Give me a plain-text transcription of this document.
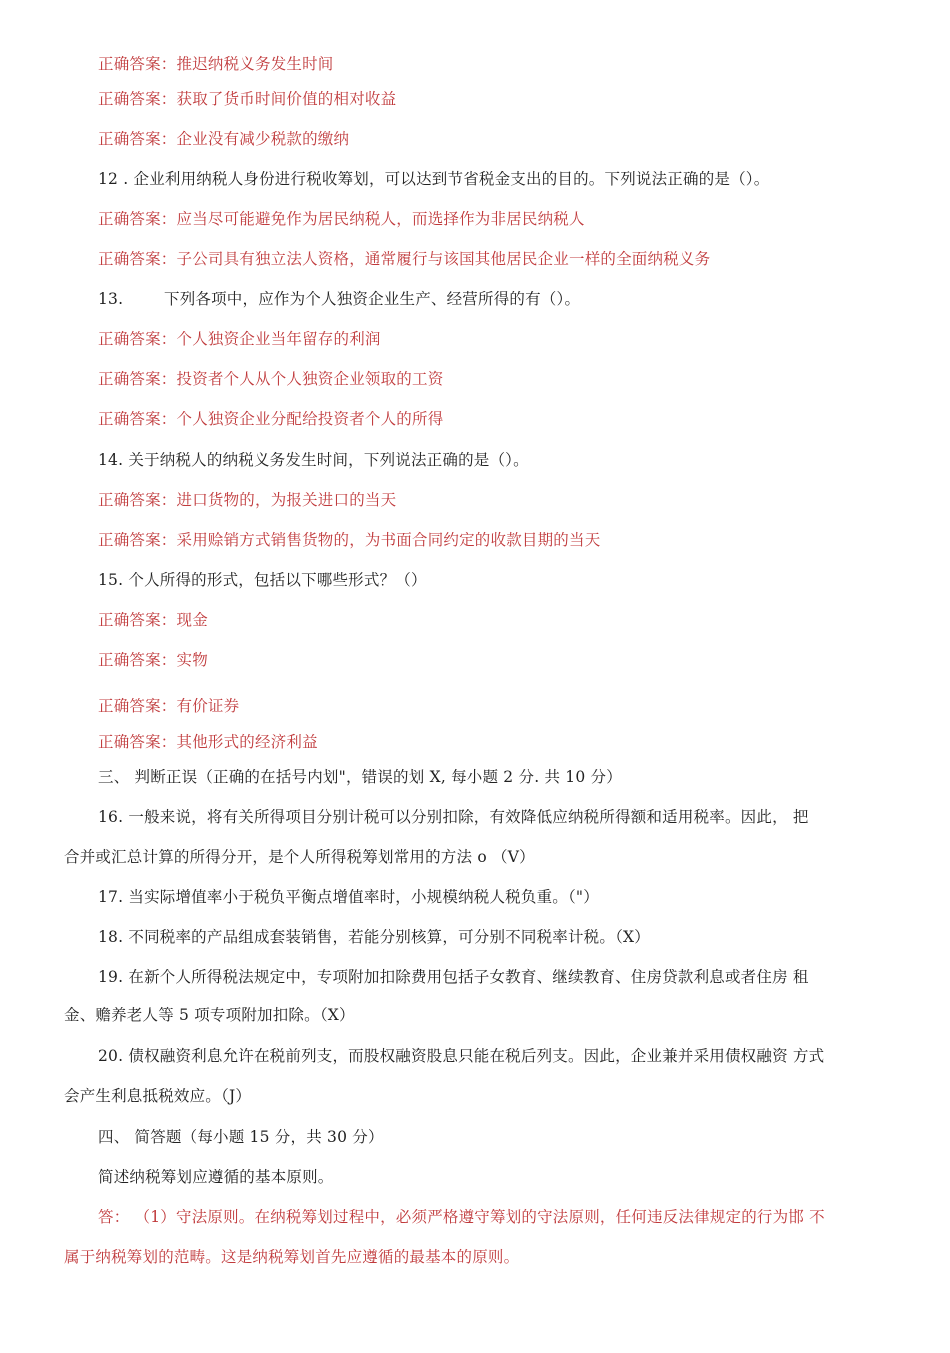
正确答案：推迟纳税义务发生时间
正确答案：获取了货币时间价值的相对收益
正确答案：企业没有减少税款的缴纳
12 . 企业利用纳税人身份进行税收筹划，可以达到节省税金支出的目的。下列说法正确的是（）。
正确答案：应当尽可能避免作为居民纳税人，而选择作为非居民纳税人
正确答案：子公司具有独立法人资格，通常履行与该国其他居民企业一样的全面纳税义务
13.	下列各项中，应作为个人独资企业生产、经营所得的有（）。
正确答案：个人独资企业当年留存的利润
正确答案：投资者个人从个人独资企业领取的工资
正确答案：个人独资企业分配给投资者个人的所得
14. 关于纳税人的纳税义务发生时间，下列说法正确的是（）。
正确答案：进口货物的，为报关进口的当天
正确答案：采用赊销方式销售货物的，为书面合同约定的收款目期的当天
15. 个人所得的形式，包括以下哪些形式？（）
正确答案：现金
正确答案：实物
正确答案：有价证券
正确答案：其他形式的经济利益
三、 判断正误（正确的在括号内划"，错误的划 X, 每小题 2 分. 共 10 分）
16. 一般来说，将有关所得项目分别计税可以分别扣除，有效降低应纳税所得额和适用税率。因此， 把
合并或汇总计算的所得分开，是个人所得税筹划常用的方法 o （V）
17. 当实际增值率小于税负平衡点增值率时，小规模纳税人税负重。（"）
18. 不同税率的产品组成套装销售，若能分别核算，可分别不同税率计税。（X）
19. 在新个人所得税法规定中，专项附加扣除费用包括子女教育、继续教育、住房贷款利息或者住房 租
金、赡养老人等 5 项专项附加扣除。（X）
20. 债权融资利息允许在税前列支，而股权融资股息只能在税后列支。因此，企业兼并采用债权融资 方式
会产生利息抵税效应。（J）
四、 简答题（每小题 15 分，共 30 分）
简述纳税筹划应遵循的基本原则。
答： （1）守法原则。在纳税筹划过程中，必须严格遵守筹划的守法原则，任何违反法律规定的行为邯 不
属于纳税筹划的范畴。这是纳税筹划首先应遵循的最基本的原则。
